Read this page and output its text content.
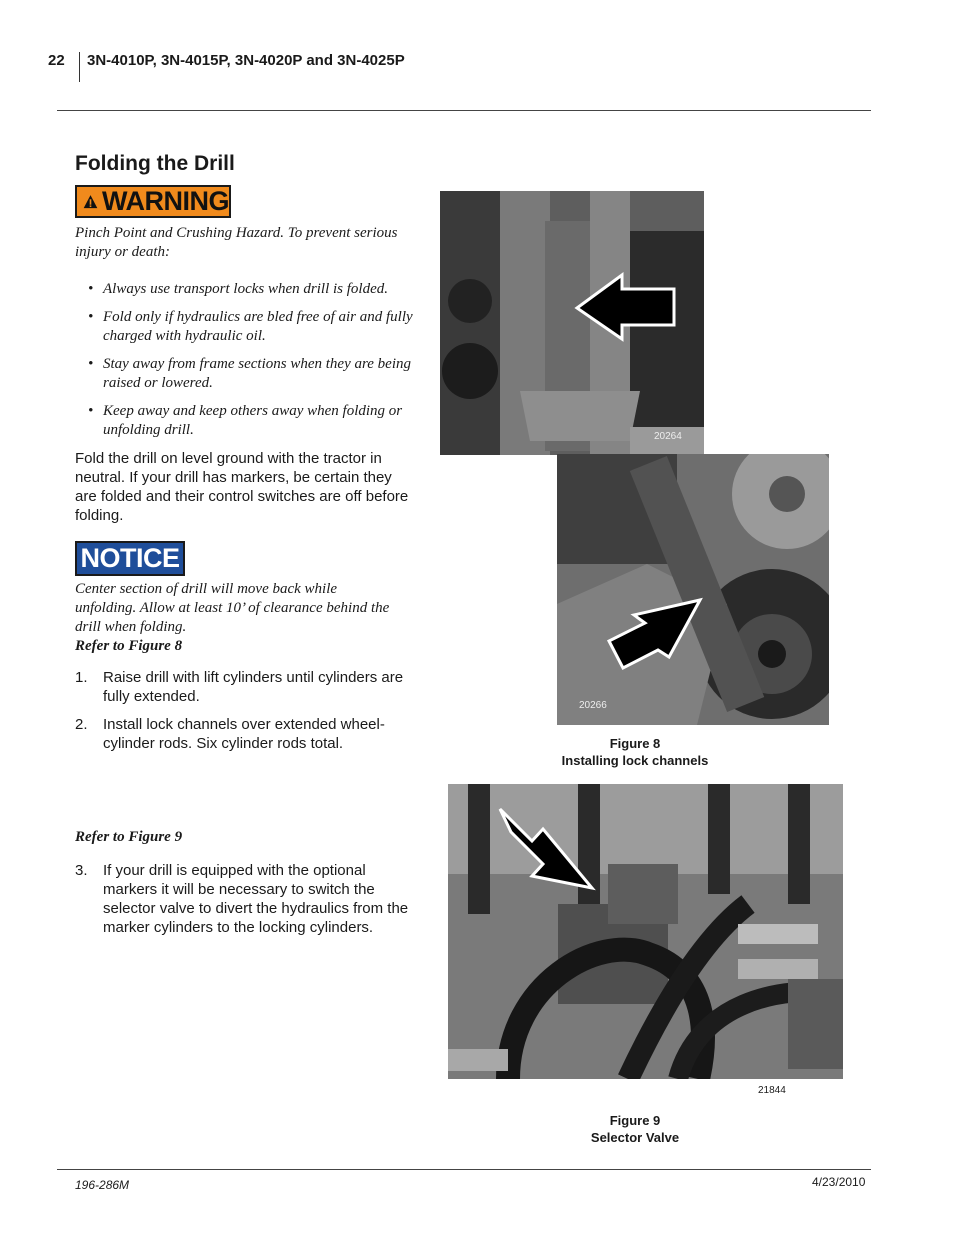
22 3N-4010P, 3N-4015P, 3N-4020P and 3N-4025P
Folding the Drill
WARNING
Pinch Point and Crushing Hazard. To prevent serious injury or death:
• Always use transport locks when drill is folded.
• Fold only if hydraulics are bled free of air and fully charged with hydraulic oil.
• Stay away from frame sections when they are being raised or lowered.
• Keep away and keep others away when folding or unfolding drill.
Fold the drill on level ground with the tractor in neutral. If your drill has markers, be certain they are folded and their control switches are off before folding.
NOTICE
Center section of drill will move back while unfolding. Allow at least 10’ of clearance behind the drill when folding.
Refer to Figure 8
1. Raise drill with lift cylinders until cylinders are fully extended.
2. Install lock channels over extended wheel-cylinder rods. Six cylinder rods total.
Refer to Figure 9
3. If your drill is equipped with the optional markers it will be necessary to switch the selector valve to divert the hydraulics from the marker cylinders to the locking cylinders.
20264
20266
Figure 8
Installing lock channels
21844
Figure 9
Selector Valve
196-286M	4/23/2010
